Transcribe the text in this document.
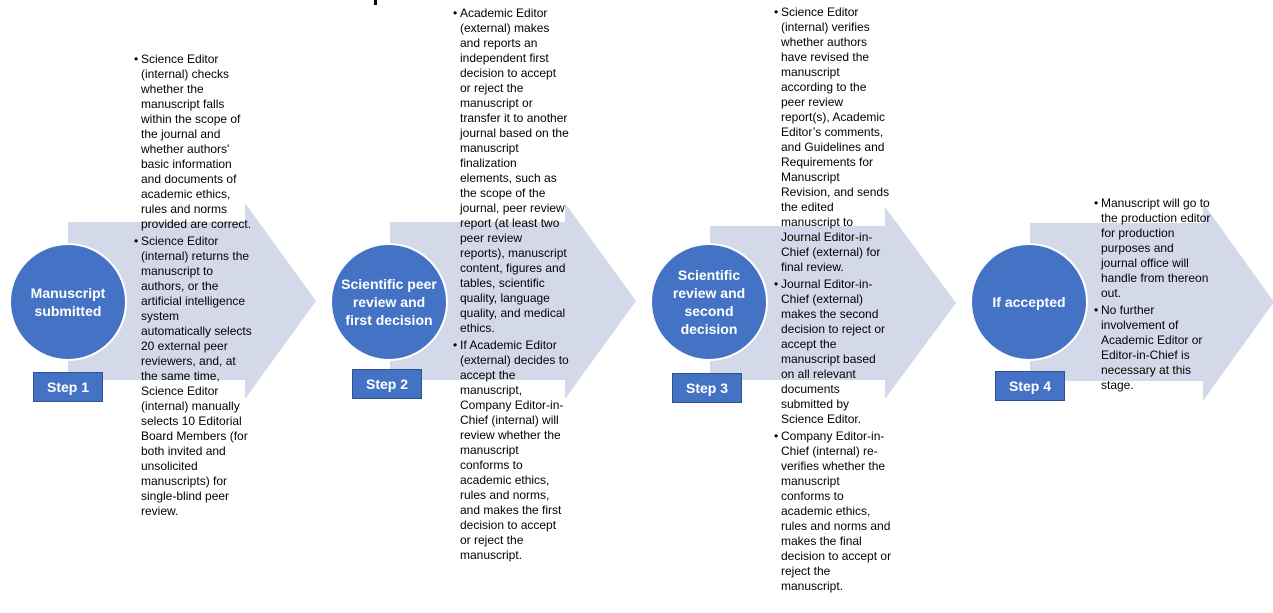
Manuscript submitted
Step 1
• Science Editor (internal) checks whether the manuscript falls within the scope of the journal and whether authors' basic information and documents of academic ethics, rules and norms provided are correct.
• Science Editor (internal) returns the manuscript to authors, or the artificial intelligence system automatically selects 20 external peer reviewers, and, at the same time, Science Editor (internal) manually selects 10 Editorial Board Members (for both invited and unsolicited manuscripts) for single-blind peer review.
Scientific peer review and first decision
Step 2
• Academic Editor (external) makes and reports an independent first decision to accept or reject the manuscript or transfer it to another journal based on the manuscript finalization elements, such as the scope of the journal, peer review report (at least two peer review reports), manuscript content, figures and tables, scientific quality, language quality, and medical ethics.
• If Academic Editor (external) decides to accept the manuscript, Company Editor-in-Chief (internal) will review whether the manuscript conforms to academic ethics, rules and norms, and makes the first decision to accept or reject the manuscript.
Scientific review and second decision
Step 3
• Science Editor (internal) verifies whether authors have revised the manuscript according to the peer review report(s), Academic Editor’s comments, and Guidelines and Requirements for Manuscript Revision, and sends the edited manuscript to Journal Editor-in-Chief (external) for final review.
• Journal Editor-in-Chief (external) makes the second decision to reject or accept the manuscript based on all relevant documents submitted by Science Editor.
• Company Editor-in-Chief (internal) re-verifies whether the manuscript conforms to academic ethics, rules and norms and makes the final decision to accept or reject the manuscript.
If accepted
Step 4
• Manuscript will go to the production editor for production purposes and journal office will handle from thereon out.
• No further involvement of Academic Editor or Editor-in-Chief is necessary at this stage.
